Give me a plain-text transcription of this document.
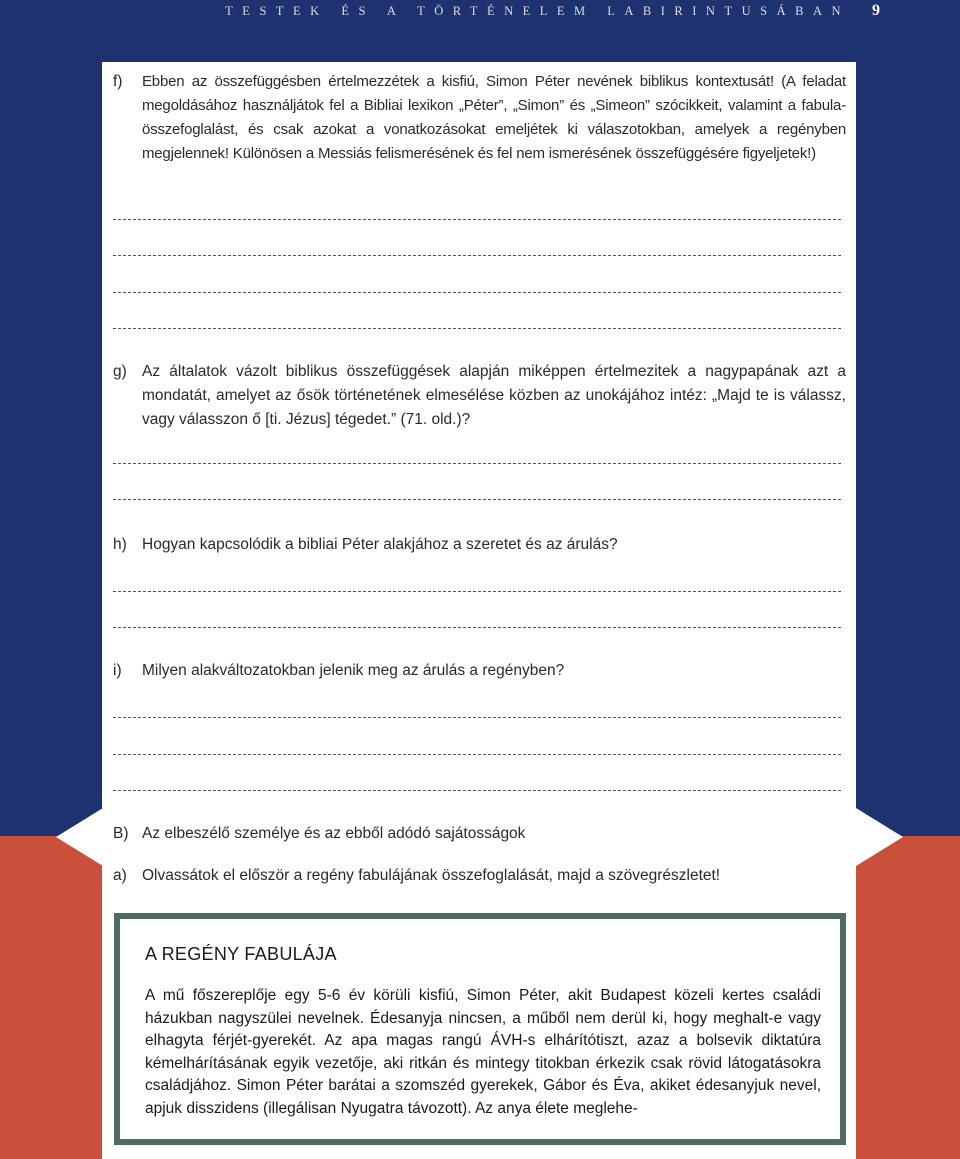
TESTEK ÉS A TÖRTÉNELEM LABIRINTUSÁBAN 9
f) Ebben az összefüggésben értelmezzétek a kisfiú, Simon Péter nevének biblikus kontextusát! (A feladat megoldásához használjátok fel a Bibliai lexikon „Péter”, „Simon” és „Simeon” szócikkeit, valamint a fabula-összefoglalást, és csak azokat a vonatkozásokat emeljétek ki válaszotokban, amelyek a regényben megjelennek! Különösen a Messiás felismerésének és fel nem ismerésének összefüggésére figyeljetek!)
g) Az általatok vázolt biblikus összefüggések alapján miképpen értelmezitek a nagypapának azt a mondatát, amelyet az ősök történetének elmesélése közben az unokájához intéz: „Majd te is válassz, vagy válasszon ő [ti. Jézus] tégedet.” (71. old.)?
h) Hogyan kapcsolódik a bibliai Péter alakjához a szeretet és az árulás?
i) Milyen alakváltozatokban jelenik meg az árulás a regényben?
B) Az elbeszélő személye és az ebből adódó sajátosságok
a) Olvassátok el először a regény fabulájának összefoglalását, majd a szövegrészletet!
A REGÉNY FABULÁJA
A mű főszereplője egy 5-6 év körüli kisfiú, Simon Péter, akit Budapest közeli kertes családi házukban nagyszülei nevelnek. Édesanyja nincsen, a műből nem derül ki, hogy meghalt-e vagy elhagyta férjét-gyerekét. Az apa magas rangú ÁVH-s elhárítótiszt, azaz a bolsevik diktatúra kémelhárításának egyik vezetője, aki ritkán és mintegy titokban érkezik csak rövid látogatásokra családjához. Simon Péter barátai a szomszéd gyerekek, Gábor és Éva, akiket édesanyjuk nevel, apjuk disszidens (illegálisan Nyugatra távozott). Az anya élete meglehe-
